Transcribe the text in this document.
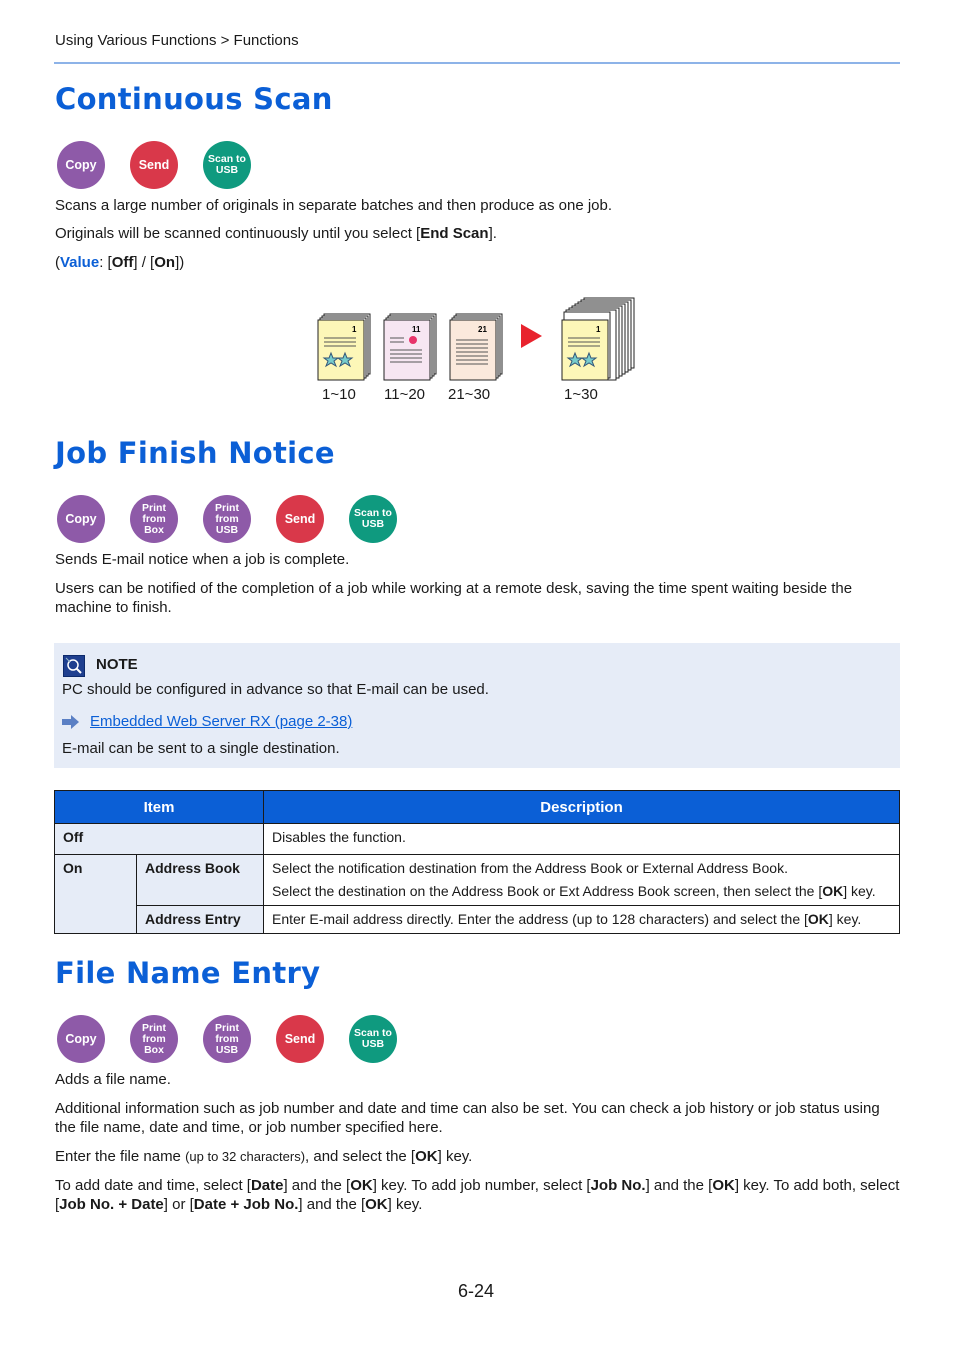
Using Various Functions > Functions
Continuous Scan
Copy	Send	Scan to
USB
Scans a large number of originals in separate batches and then produce as one job.
Originals will be scanned continuously until you select [End Scan].
(Value: [Off] / [On])
1	11	21	1
1~10 11~20 21~30	1~30
Job Finish Notice
Copy
Print from
Box
Print from
USB
Send	Scan to
USB
Sends E-mail notice when a job is complete.
Users can be notified of the completion of a job while working at a remote desk, saving the time spent waiting beside the machine to finish.
NOTE
PC should be configured in advance so that E-mail can be used.
Embedded Web Server RX (page 2-38)
E-mail can be sent to a single destination.
Item		Description
Off		Disables the function.
On	Address Book	Select the notification destination from the Address Book or External Address Book.
Select the destination on the Address Book or Ext Address Book screen, then select the [OK] key.

	Address Entry	Enter E-mail address directly. Enter the address (up to 128 characters) and select the [OK] key.
File Name Entry
Copy
Print from
Box
Print from
USB
Send	Scan to
USB
Adds a file name.
Additional information such as job number and date and time can also be set. You can check a job history or job status using the file name, date and time, or job number specified here.
Enter the file name (up to 32 characters), and select the [OK] key.
To add date and time, select [Date] and the [OK] key. To add job number, select [Job No.] and the [OK] key. To add both, select [Job No. + Date] or [Date + Job No.] and the [OK] key.
6-24
